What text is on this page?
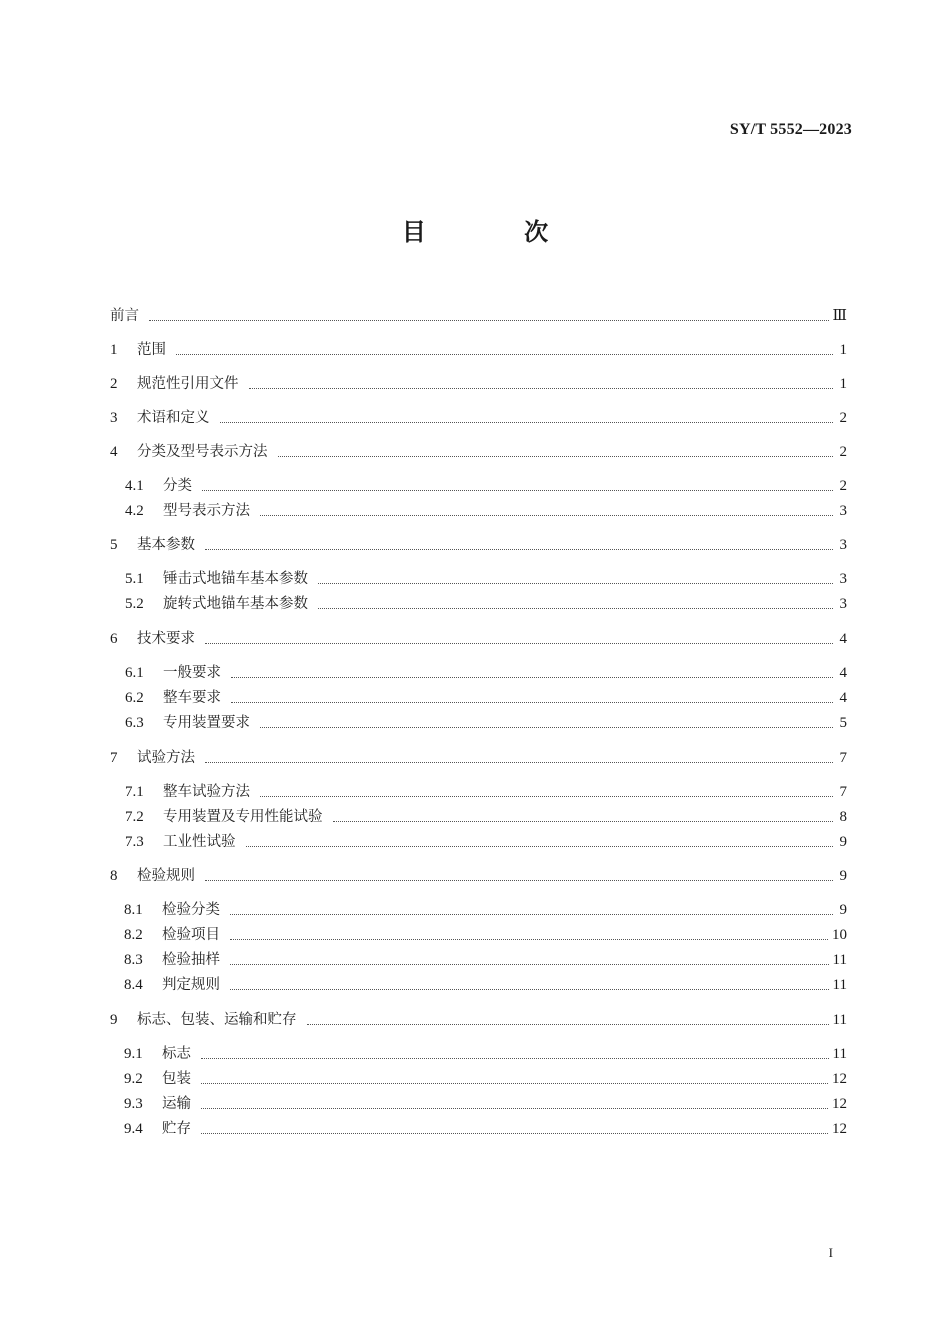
SY/T 5552—2023
目 次
前言	Ⅲ
1	范围	1
2	规范性引用文件	1
3	术语和定义	2
4	分类及型号表示方法	2
4.1	分类	2
4.2	型号表示方法	3
5	基本参数	3
5.1	锤击式地锚车基本参数	3
5.2	旋转式地锚车基本参数	3
6	技术要求	4
6.1	一般要求	4
6.2	整车要求	4
6.3	专用装置要求	5
7	试验方法	7
7.1	整车试验方法	7
7.2	专用装置及专用性能试验	8
7.3	工业性试验	9
8	检验规则	9
8.1	检验分类	9
8.2	检验项目	10
8.3	检验抽样	11
8.4	判定规则	11
9	标志、包装、运输和贮存	11
9.1	标志	11
9.2	包装	12
9.3	运输	12
9.4	贮存	12
I
